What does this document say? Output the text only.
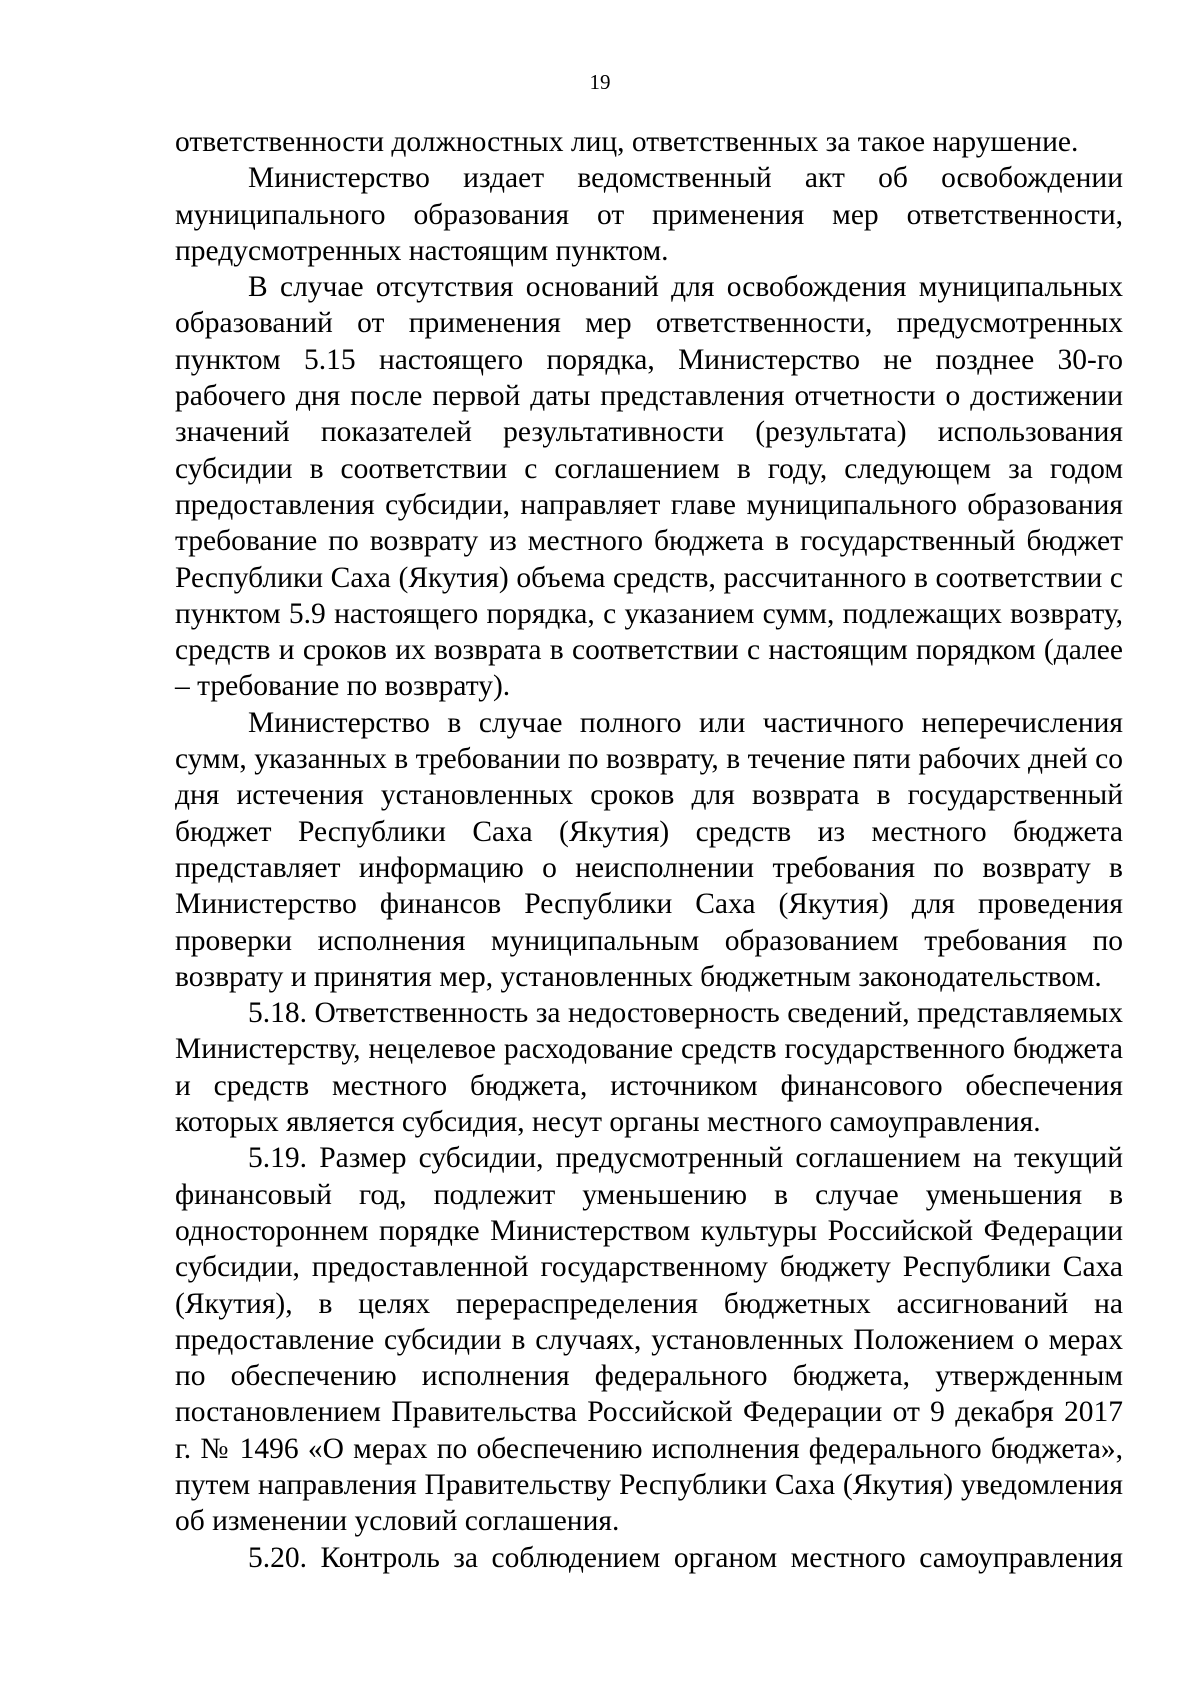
19

ответственности должностных лиц, ответственных за такое нарушение.

Министерство издает ведомственный акт об освобождении муниципального образования от применения мер ответственности, предусмотренных настоящим пунктом.

В случае отсутствия оснований для освобождения муниципальных образований от применения мер ответственности, предусмотренных пунктом 5.15 настоящего порядка, Министерство не позднее 30-го рабочего дня после первой даты представления отчетности о достижении значений показателей результативности (результата) использования субсидии в соответствии с соглашением в году, следующем за годом предоставления субсидии, направляет главе муниципального образования требование по возврату из местного бюджета в государственный бюджет Республики Саха (Якутия) объема средств, рассчитанного в соответствии с пунктом 5.9 настоящего порядка, с указанием сумм, подлежащих возврату, средств и сроков их возврата в соответствии с настоящим порядком (далее – требование по возврату).

Министерство в случае полного или частичного неперечисления сумм, указанных в требовании по возврату, в течение пяти рабочих дней со дня истечения установленных сроков для возврата в государственный бюджет Республики Саха (Якутия) средств из местного бюджета представляет информацию о неисполнении требования по возврату в Министерство финансов Республики Саха (Якутия) для проведения проверки исполнения муниципальным образованием требования по возврату и принятия мер, установленных бюджетным законодательством.

5.18. Ответственность за недостоверность сведений, представляемых Министерству, нецелевое расходование средств государственного бюджета и средств местного бюджета, источником финансового обеспечения которых является субсидия, несут органы местного самоуправления.

5.19. Размер субсидии, предусмотренный соглашением на текущий финансовый год, подлежит уменьшению в случае уменьшения в одностороннем порядке Министерством культуры Российской Федерации субсидии, предоставленной государственному бюджету Республики Саха (Якутия), в целях перераспределения бюджетных ассигнований на предоставление субсидии в случаях, установленных Положением о мерах по обеспечению исполнения федерального бюджета, утвержденным постановлением Правительства Российской Федерации от 9 декабря 2017 г. № 1496 «О мерах по обеспечению исполнения федерального бюджета», путем направления Правительству Республики Саха (Якутия) уведомления об изменении условий соглашения.

5.20. Контроль за соблюдением органом местного самоуправления
